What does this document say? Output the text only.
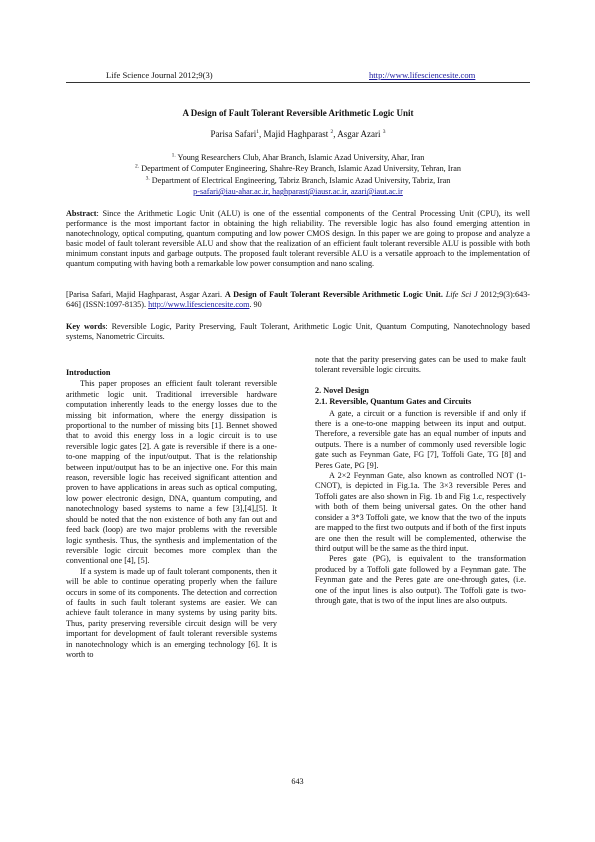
Life Science Journal 2012;9(3)	http://www.lifesciencesite.com
A Design of Fault Tolerant Reversible Arithmetic Logic Unit
Parisa Safari$^1$, Majid Haghparast $^2$, Asgar Azari $^3$
$^{1.}$ Young Researchers Club, Ahar Branch, Islamic Azad University, Ahar, Iran
$^{2.}$ Department of Computer Engineering, Shahre-Rey Branch, Islamic Azad University, Tehran, Iran
$^{3.}$ Department of Electrical Engineering, Tabriz Branch, Islamic Azad University, Tabriz, Iran
p-safari@iau-ahar.ac.ir, haghparast@iausr.ac.ir, azari@iaut.ac.ir
Abstract: Since the Arithmetic Logic Unit (ALU) is one of the essential components of the Central Processing Unit (CPU), its well performance is the most important factor in obtaining the high reliability. The reversible logic has also found emerging attention in nanotechnology, optical computing, quantum computing and low power CMOS design. In this paper we are going to propose and analyze a basic model of fault tolerant reversible ALU and show that the realization of an efficient fault tolerant reversible ALU is possible with both minimum constant inputs and garbage outputs. The proposed fault tolerant reversible ALU is a versatile approach to the implementation of quantum computing with having both a remarkable low power consumption and nano scaling.
[Parisa Safari, Majid Haghparast, Asgar Azari. A Design of Fault Tolerant Reversible Arithmetic Logic Unit. Life Sci J 2012;9(3):643-646] (ISSN:1097-8135). http://www.lifesciencesite.com. 90
Key words: Reversible Logic, Parity Preserving, Fault Tolerant, Arithmetic Logic Unit, Quantum Computing, Nanotechnology based systems, Nanometric Circuits.
Introduction

This paper proposes an efficient fault tolerant reversible arithmetic logic unit. Traditional irreversible hardware computation inherently leads to the energy losses due to the missing bit information, where the energy dissipation is proportional to the number of missing bits [1]. Bennet showed that to avoid this energy loss in a logic circuit is to use reversible logic gates [2]. A gate is reversible if there is a one-to-one mapping of the input/output. That is the relationship between input/output has to be an injective one. For this main reason, reversible logic has received significant attention and proven to have applications in areas such as optical computing, low power electronic design, DNA, quantum computing, and nanotechnology based systems to name a few [3],[4],[5]. It should be noted that the non existence of both any fan out and feed back (loop) are two major problems with the reversible logic synthesis. Thus, the synthesis and implementation of the reversible logic circuit becomes more complex than the conventional one [4], [5].

If a system is made up of fault tolerant components, then it will be able to continue operating properly when the failure occurs in some of its components. The detection and correction of faults in such fault tolerant systems are easier. We can achieve fault tolerance in many systems by using parity bits. Thus, parity preserving reversible circuit design will be very important for development of fault tolerant reversible systems in nanotechnology which is an emerging technology [6]. It is worth to

note that the parity preserving gates can be used to make fault tolerant reversible logic circuits.

2. Novel Design
2.1. Reversible, Quantum Gates and Circuits

A gate, a circuit or a function is reversible if and only if there is a one-to-one mapping between its input and output. Therefore, a reversible gate has an equal number of inputs and outputs. There is a number of commonly used reversible logic gate such as Feynman Gate, FG [7], Toffoli Gate, TG [8] and Peres Gate, PG [9].

A 2×2 Feynman Gate, also known as controlled NOT (1-CNOT), is depicted in Fig.1a. The 3×3 reversible Peres and Toffoli gates are also shown in Fig. 1b and Fig 1.c, respectively with both of them being universal gates. On the other hand consider a 3*3 Toffoli gate, we know that the two of the inputs are mapped to the first two outputs and if both of the first inputs are one then the result will be complemented, otherwise the third output will be the same as the third input.

Peres gate (PG), is equivalent to the transformation produced by a Toffoli gate followed by a Feynman gate. The Feynman gate and the Peres gate are one-through gates, (i.e. one of the input lines is also output). The Toffoli gate is two-through gate, that is two of the input lines are also outputs.

643
